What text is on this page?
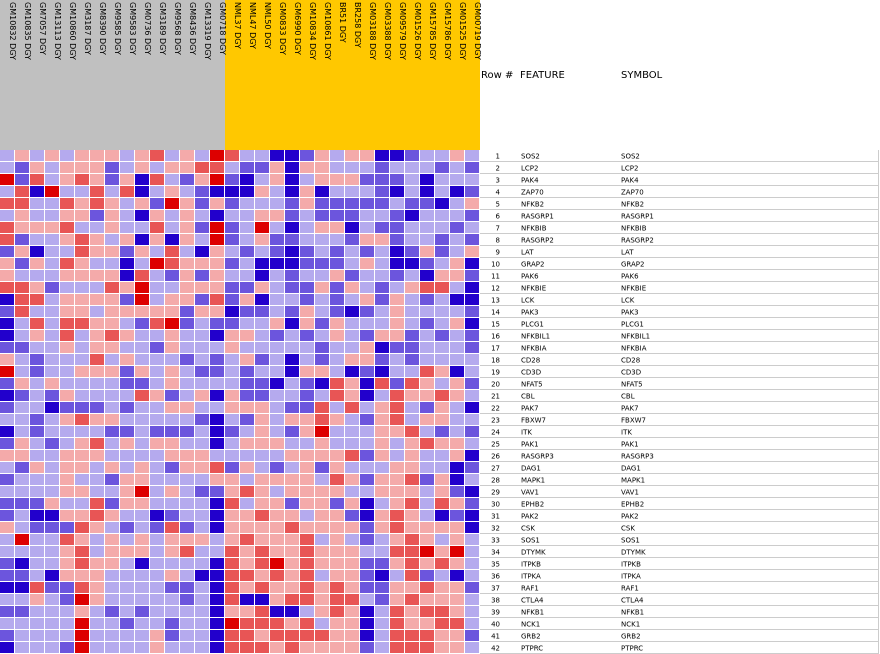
GM10832 DGY GM10835 DGY GM7057 DGY GM13113 DGY GM10860 DGY GM3187 DGY GM8390 DGY GM9585 DGY GM9583 DGY GM0736 DGY GM3189 DGY GM9568 DGY GM8436 DGY GM13319 DGY GM0718 DGY NML37 DGY NML47 DGY NML50 DGY GM0833 DGY GM6990 DGY GM10834 DGY GM10861 DGY BR51 DGY BR258 DGY GM03188 DGY GM03388 DGY GM09579 DGY GM01526 DGY GM15785 DGY GM15786 DGY GM01525 DGY GM00719 DGY
Row # FEATURE	SYMBOL
1	SOS2	SOS2
2	LCP2	LCP2
3	PAK4	PAK4
4	ZAP70	ZAP70
5	NFKB2	NFKB2
6	RASGRP1	RASGRP1
7	NFKBIB	NFKBIB
8	RASGRP2	RASGRP2
9	LAT	LAT
10	GRAP2	GRAP2
11	PAK6	PAK6
12	NFKBIE	NFKBIE
13	LCK	LCK
14	PAK3	PAK3
15	PLCG1	PLCG1
16	NFKBIL1	NFKBIL1
17	NFKBIA	NFKBIA
18	CD28	CD28
19	CD3D	CD3D
20	NFAT5	NFAT5
21	CBL	CBL
22	PAK7	PAK7
23	FBXW7	FBXW7
24	ITK	ITK
25	PAK1	PAK1
26	RASGRP3	RASGRP3
27	DAG1	DAG1
28	MAPK1	MAPK1
29	VAV1	VAV1
30	EPHB2	EPHB2
31	PAK2	PAK2
32	CSK	CSK
33	SOS1	SOS1
34	DTYMK	DTYMK
35	ITPKB	ITPKB
36	ITPKA	ITPKA
37	RAF1	RAF1
38	CTLA4	CTLA4
39	NFKB1	NFKB1
40	NCK1	NCK1
41	GRB2	GRB2
42	PTPRC	PTPRC
